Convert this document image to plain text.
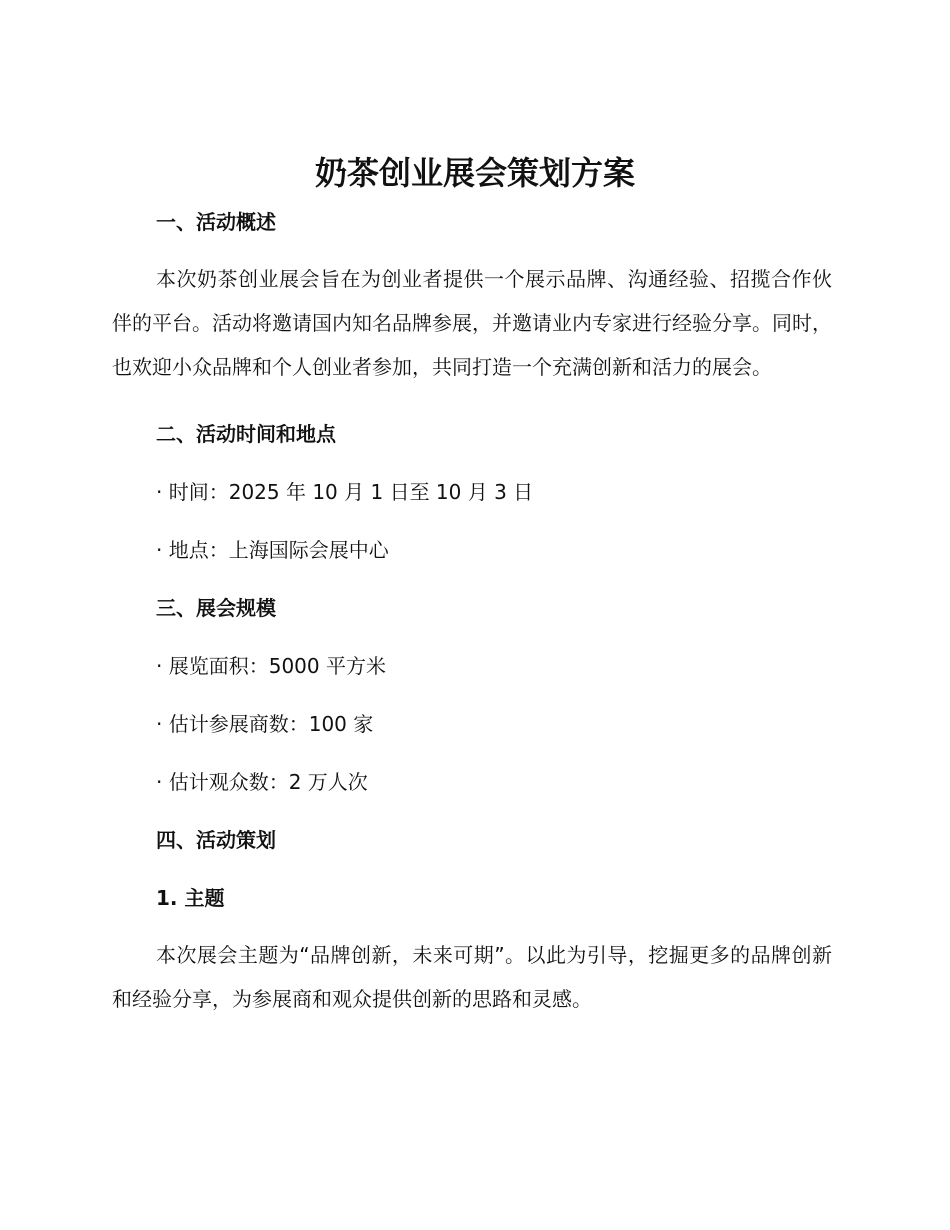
奶茶创业展会策划方案
一、活动概述

本次奶茶创业展会旨在为创业者提供一个展示品牌、沟通经验、招揽合作伙伴的平台。活动将邀请国内知名品牌参展，并邀请业内专家进行经验分享。同时，也欢迎小众品牌和个人创业者参加，共同打造一个充满创新和活力的展会。

二、活动时间和地点
· 时间：2025 年 10 月 1 日至 10 月 3 日
· 地点：上海国际会展中心
三、展会规模
· 展览面积：5000 平方米
· 估计参展商数：100 家
· 估计观众数：2 万人次
四、活动策划
1. 主题

本次展会主题为“品牌创新，未来可期”。以此为引导，挖掘更多的品牌创新和经验分享，为参展商和观众提供创新的思路和灵感。
